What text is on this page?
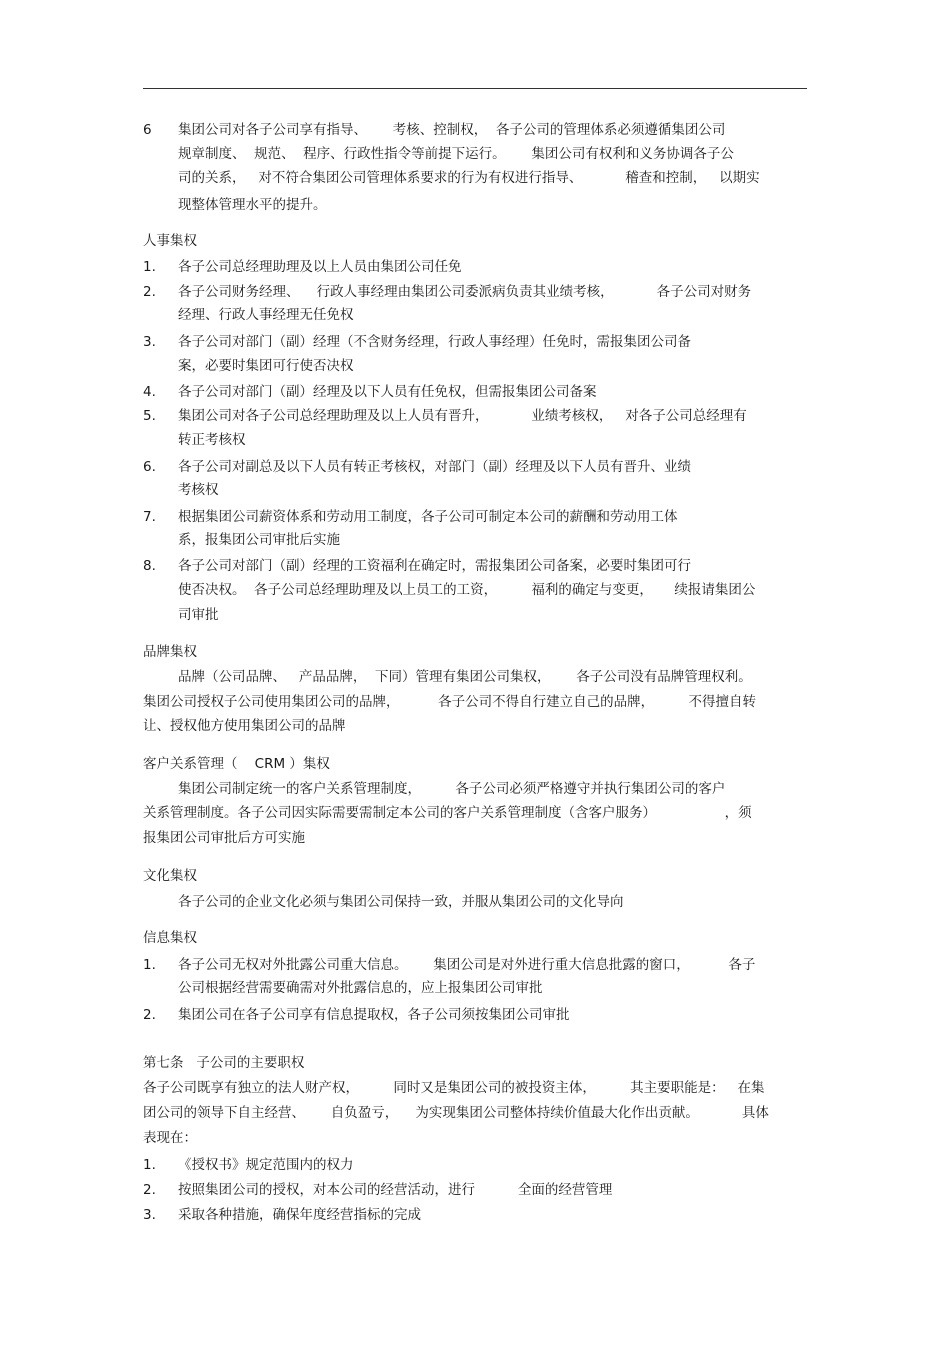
6 集团公司对各子公司享有指导、      考核、控制权，  各子公司的管理体系必须遵循集团公司
规章制度、  规范、  程序、行政性指令等前提下运行。      集团公司有权利和义务协调各子公
司的关系，   对不符合集团公司管理体系要求的行为有权进行指导、          稽查和控制，   以期实
现整体管理水平的提升。
人事集权
1. 各子公司总经理助理及以上人员由集团公司任免
2. 各子公司财务经理、    行政人事经理由集团公司委派病负责其业绩考核，          各子公司对财务
经理、行政人事经理无任免权
3. 各子公司对部门（副）经理（不含财务经理，行政人事经理）任免时，需报集团公司备
案，必要时集团可行使否决权
4. 各子公司对部门（副）经理及以下人员有任免权，但需报集团公司备案
5. 集团公司对各子公司总经理助理及以上人员有晋升，          业绩考核权，   对各子公司总经理有
转正考核权
6. 各子公司对副总及以下人员有转正考核权，对部门（副）经理及以下人员有晋升、业绩
考核权
7. 根据集团公司薪资体系和劳动用工制度，各子公司可制定本公司的薪酬和劳动用工体
系，报集团公司审批后实施
8. 各子公司对部门（副）经理的工资福利在确定时，需报集团公司备案，必要时集团可行
使否决权。  各子公司总经理助理及以上员工的工资，        福利的确定与变更，     续报请集团公
司审批
品牌集权
品牌（公司品牌、   产品品牌，  下同）管理有集团公司集权，      各子公司没有品牌管理权利。
集团公司授权子公司使用集团公司的品牌，         各子公司不得自行建立自己的品牌，        不得擅自转
让、授权他方使用集团公司的品牌
客户关系管理（    CRM ）集权
集团公司制定统一的客户关系管理制度，        各子公司必须严格遵守并执行集团公司的客户
关系管理制度。各子公司因实际需要需制定本公司的客户关系管理制度（含客户服务）                ，须
报集团公司审批后方可实施
文化集权
各子公司的企业文化必须与集团公司保持一致，并服从集团公司的文化导向
信息集权
1. 各子公司无权对外批露公司重大信息。      集团公司是对外进行重大信息批露的窗口，         各子
公司根据经营需要确需对外批露信息的，应上报集团公司审批
2. 集团公司在各子公司享有信息提取权，各子公司须按集团公司审批
第七条   子公司的主要职权
各子公司既享有独立的法人财产权，        同时又是集团公司的被投资主体，        其主要职能是：   在集
团公司的领导下自主经营、      自负盈亏，    为实现集团公司整体持续价值最大化作出贡献。          具体
表现在：
1. 《授权书》规定范围内的权力
2. 按照集团公司的授权，对本公司的经营活动，进行          全面的经营管理
3. 采取各种措施，确保年度经营指标的完成
